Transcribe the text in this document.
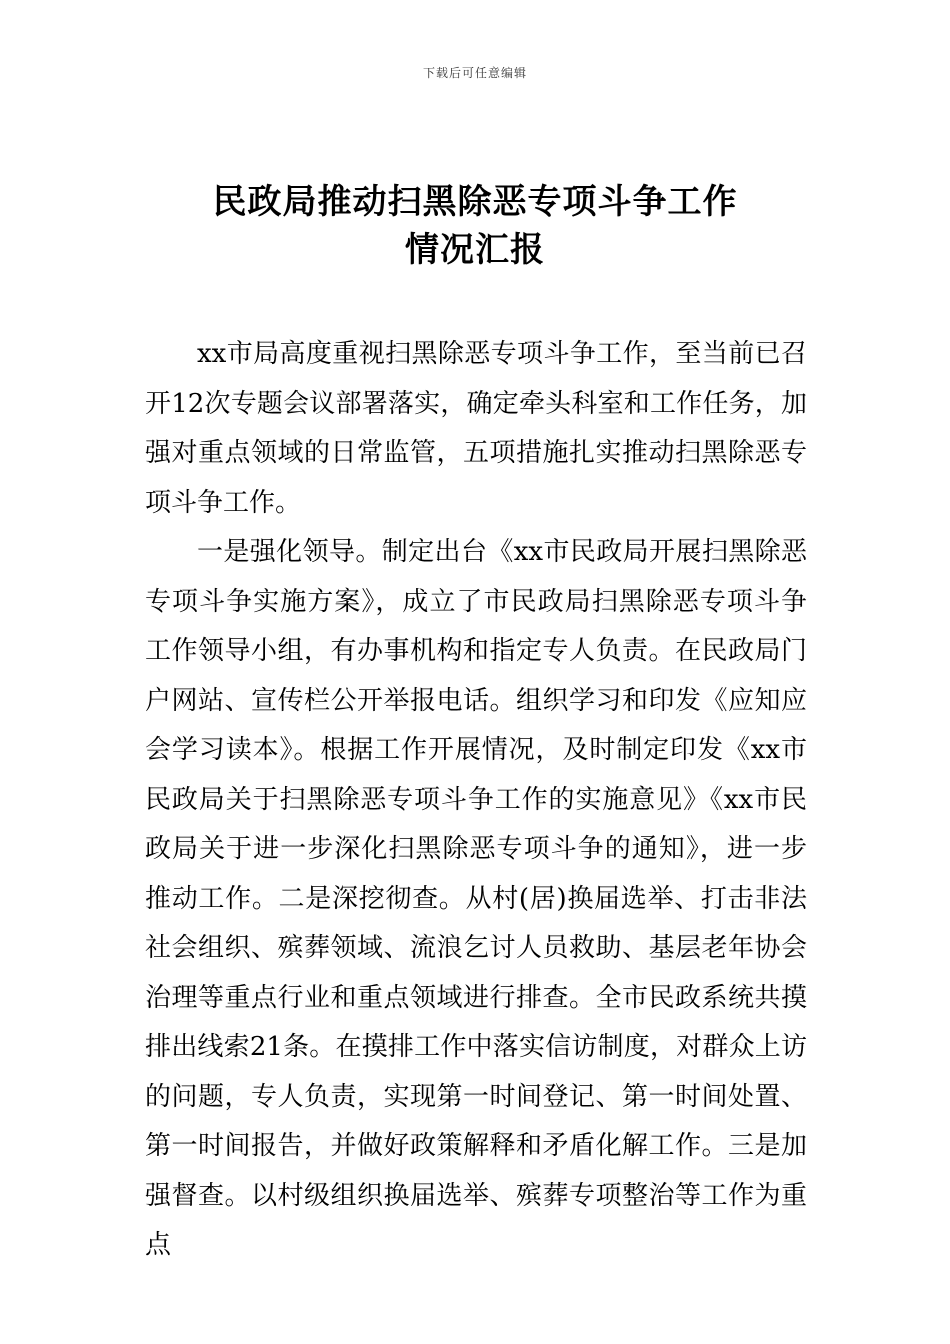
下载后可任意编辑
民政局推动扫黑除恶专项斗争工作
情况汇报

xx市局高度重视扫黑除恶专项斗争工作，至当前已召开12次专题会议部署落实，确定牵头科室和工作任务，加强对重点领域的日常监管，五项措施扎实推动扫黑除恶专项斗争工作。

一是强化领导。制定出台《xx市民政局开展扫黑除恶专项斗争实施方案》，成立了市民政局扫黑除恶专项斗争工作领导小组，有办事机构和指定专人负责。在民政局门户网站、宣传栏公开举报电话。组织学习和印发《应知应会学习读本》。根据工作开展情况，及时制定印发《xx市民政局关于扫黑除恶专项斗争工作的实施意见》《xx市民政局关于进一步深化扫黑除恶专项斗争的通知》，进一步推动工作。二是深挖彻查。从村(居)换届选举、打击非法社会组织、殡葬领域、流浪乞讨人员救助、基层老年协会治理等重点行业和重点领域进行排查。全市民政系统共摸排出线索21条。在摸排工作中落实信访制度，对群众上访的问题，专人负责，实现第一时间登记、第一时间处置、第一时间报告，并做好政策解释和矛盾化解工作。三是加强督查。以村级组织换届选举、殡葬专项整治等工作为重点
